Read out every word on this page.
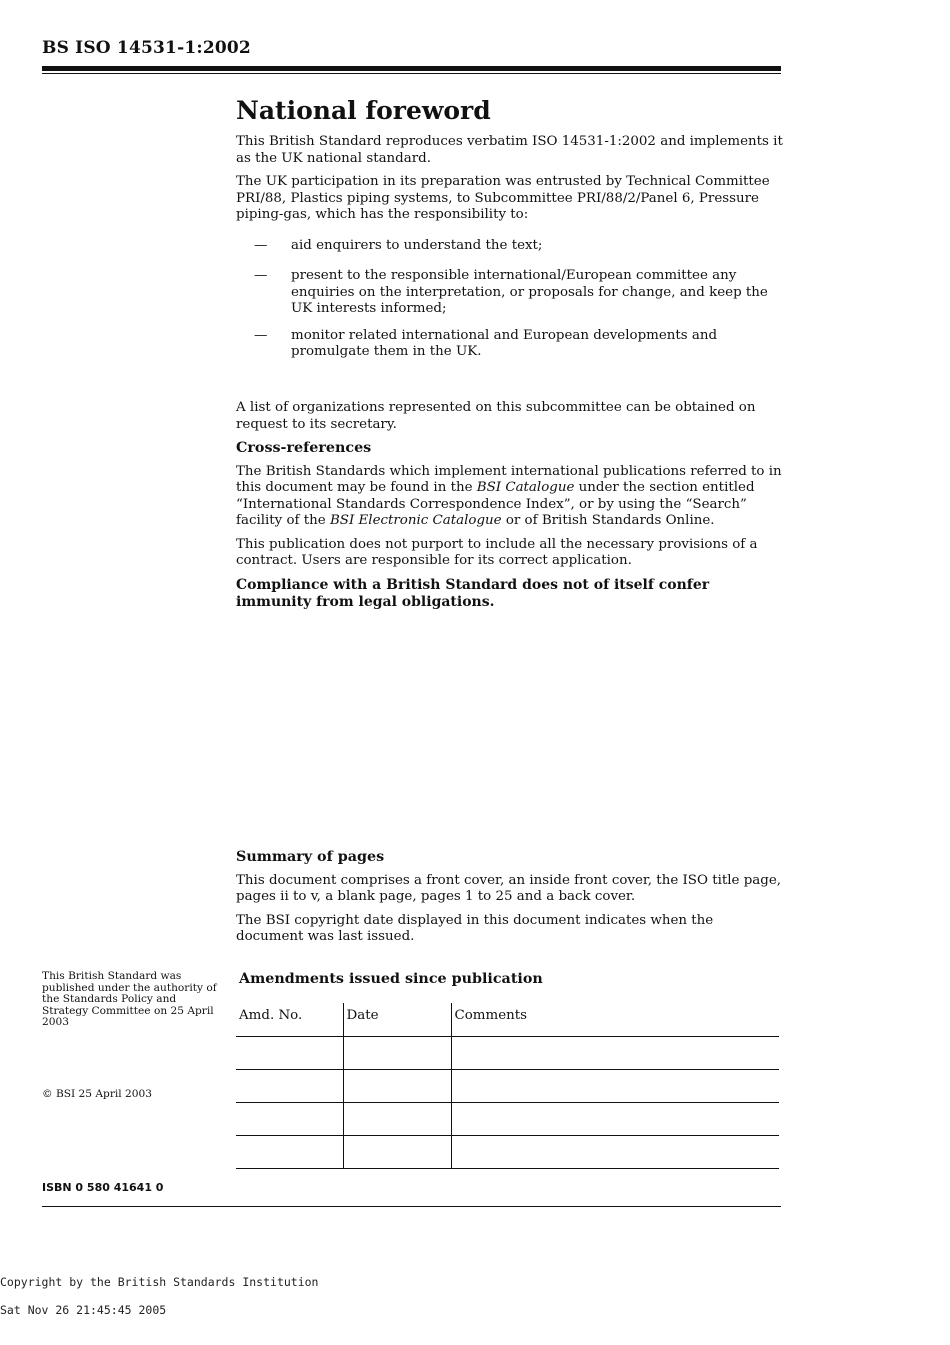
BS ISO 14531-1:2002
National foreword

This British Standard reproduces verbatim ISO 14531-1:2002 and implements it as the UK national standard.

The UK participation in its preparation was entrusted by Technical Committee PRI/88, Plastics piping systems, to Subcommittee PRI/88/2/Panel 6, Pressure piping-gas, which has the responsibility to:

— aid enquirers to understand the text;
— present to the responsible international/European committee any enquiries on the interpretation, or proposals for change, and keep the UK interests informed;
— monitor related international and European developments and promulgate them in the UK.

A list of organizations represented on this subcommittee can be obtained on request to its secretary.

Cross-references

The British Standards which implement international publications referred to in this document may be found in the BSI Catalogue under the section entitled “International Standards Correspondence Index”, or by using the “Search” facility of the BSI Electronic Catalogue or of British Standards Online.

This publication does not purport to include all the necessary provisions of a contract. Users are responsible for its correct application.

Compliance with a British Standard does not of itself confer immunity from legal obligations.

Summary of pages

This document comprises a front cover, an inside front cover, the ISO title page, pages ii to v, a blank page, pages 1 to 25 and a back cover.

The BSI copyright date displayed in this document indicates when the document was last issued.

This British Standard was published under the authority of the Standards Policy and Strategy Committee on 25 April 2003
© BSI 25 April 2003
Amendments issued since publication
Amd. No.	Date	Comments

ISBN 0 580 41641 0
Copyright by the British Standards Institution
Sat Nov 26 21:45:45 2005
